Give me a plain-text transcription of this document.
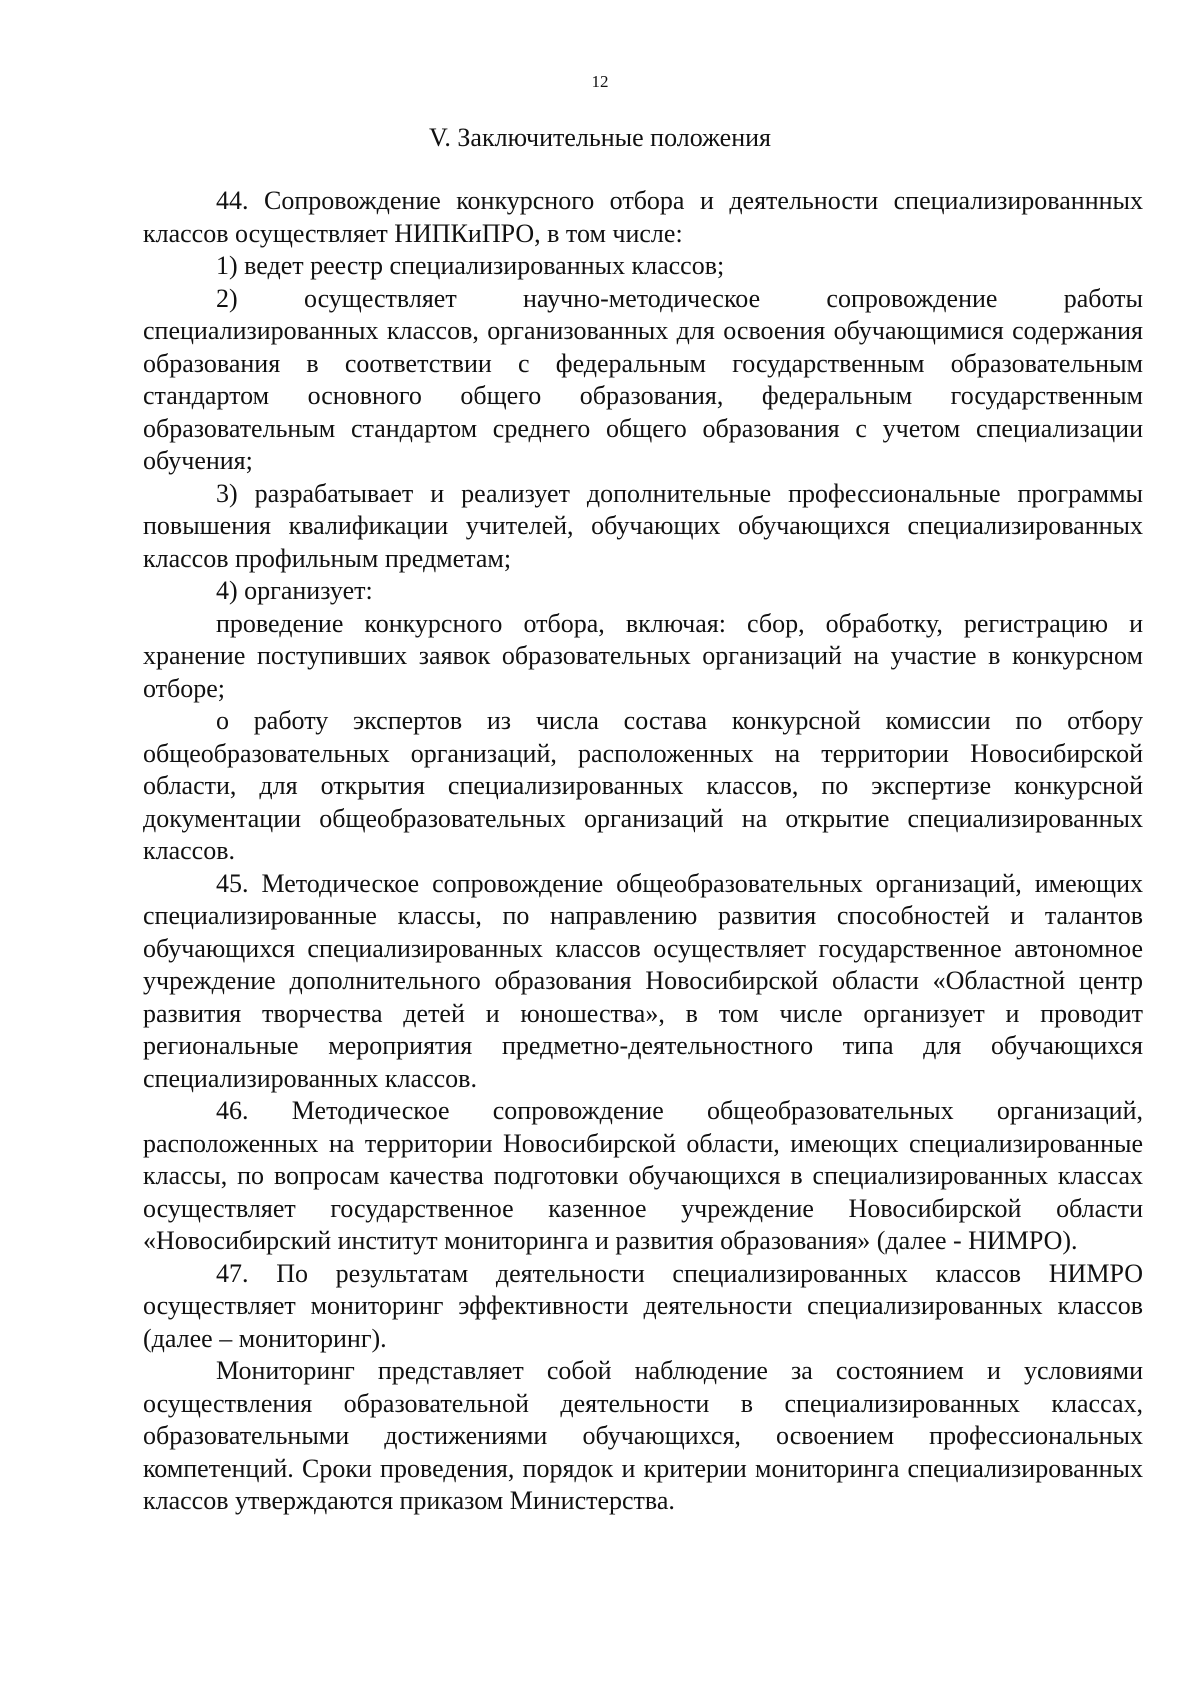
12
V. Заключительные положения

44. Сопровождение конкурсного отбора и деятельности специализированнных классов осуществляет НИПКиПРО, в том числе:

1) ведет реестр специализированных классов;

2) осуществляет научно-методическое сопровождение работы специализированных классов, организованных для освоения обучающимися содержания образования в соответствии с федеральным государственным образовательным стандартом основного общего образования, федеральным государственным образовательным стандартом среднего общего образования с учетом специализации обучения;

3) разрабатывает и реализует дополнительные профессиональные программы повышения квалификации учителей, обучающих обучающихся специализированных классов профильным предметам;

4) организует:

проведение конкурсного отбора, включая: сбор, обработку, регистрацию и хранение поступивших заявок образовательных организаций на участие в конкурсном отборе;

о работу экспертов из числа состава конкурсной комиссии по отбору общеобразовательных организаций, расположенных на территории Новосибирской области, для открытия специализированных классов, по экспертизе конкурсной документации общеобразовательных организаций на открытие специализированных классов.

45. Методическое сопровождение общеобразовательных организаций, имеющих специализированные классы, по направлению развития способностей и талантов обучающихся специализированных классов осуществляет государственное автономное учреждение дополнительного образования Новосибирской области «Областной центр развития творчества детей и юношества», в том числе организует и проводит региональные мероприятия предметно-деятельностного типа для обучающихся специализированных классов.

46. Методическое сопровождение общеобразовательных организаций, расположенных на территории Новосибирской области, имеющих специализированные классы, по вопросам качества подготовки обучающихся в специализированных классах осуществляет государственное казенное учреждение Новосибирской области «Новосибирский институт мониторинга и развития образования» (далее - НИМРО).

47. По результатам деятельности специализированных классов НИМРО осуществляет мониторинг эффективности деятельности специализированных классов (далее – мониторинг).

Мониторинг представляет собой наблюдение за состоянием и условиями осуществления образовательной деятельности в специализированных классах, образовательными достижениями обучающихся, освоением профессиональных компетенций. Сроки проведения, порядок и критерии мониторинга специализированных классов утверждаются приказом Министерства.
